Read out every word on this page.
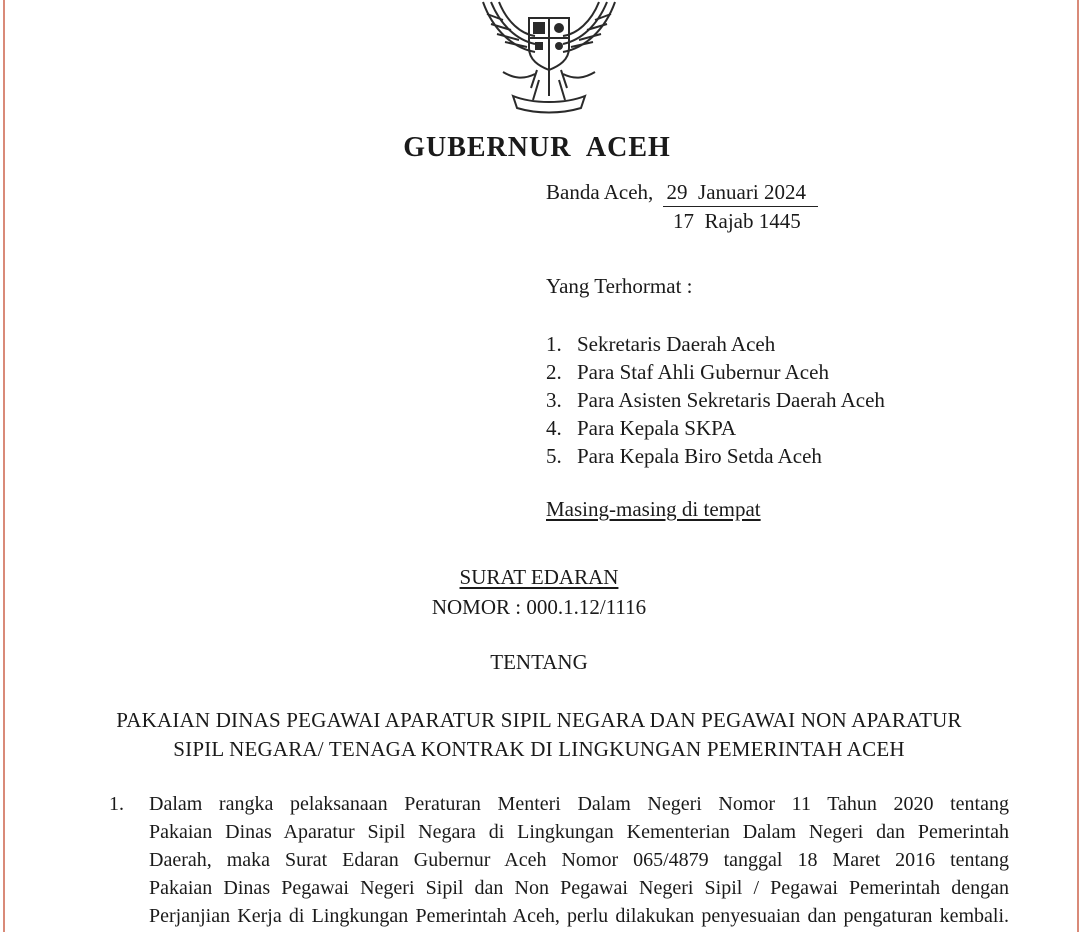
GUBERNUR  ACEH
Banda Aceh, 29  Januari 2024
17  Rajab 1445
Yang Terhormat :
1. Sekretaris Daerah Aceh
2. Para Staf Ahli Gubernur Aceh
3. Para Asisten Sekretaris Daerah Aceh
4. Para Kepala SKPA
5. Para Kepala Biro Setda Aceh
Masing-masing di tempat
SURAT EDARAN
NOMOR : 000.1.12/1116
TENTANG
PAKAIAN DINAS PEGAWAI APARATUR SIPIL NEGARA DAN PEGAWAI NON APARATUR
SIPIL NEGARA/ TENAGA KONTRAK DI LINGKUNGAN PEMERINTAH ACEH
1. Dalam rangka pelaksanaan Peraturan Menteri Dalam Negeri Nomor 11 Tahun 2020 tentang
Pakaian Dinas Aparatur Sipil Negara di Lingkungan Kementerian Dalam Negeri dan Pemerintah
Daerah, maka Surat Edaran Gubernur Aceh Nomor 065/4879 tanggal 18 Maret 2016 tentang
Pakaian Dinas Pegawai Negeri Sipil dan Non Pegawai Negeri Sipil / Pegawai Pemerintah dengan
Perjanjian Kerja di Lingkungan Pemerintah Aceh, perlu dilakukan penyesuaian dan pengaturan kembali.
